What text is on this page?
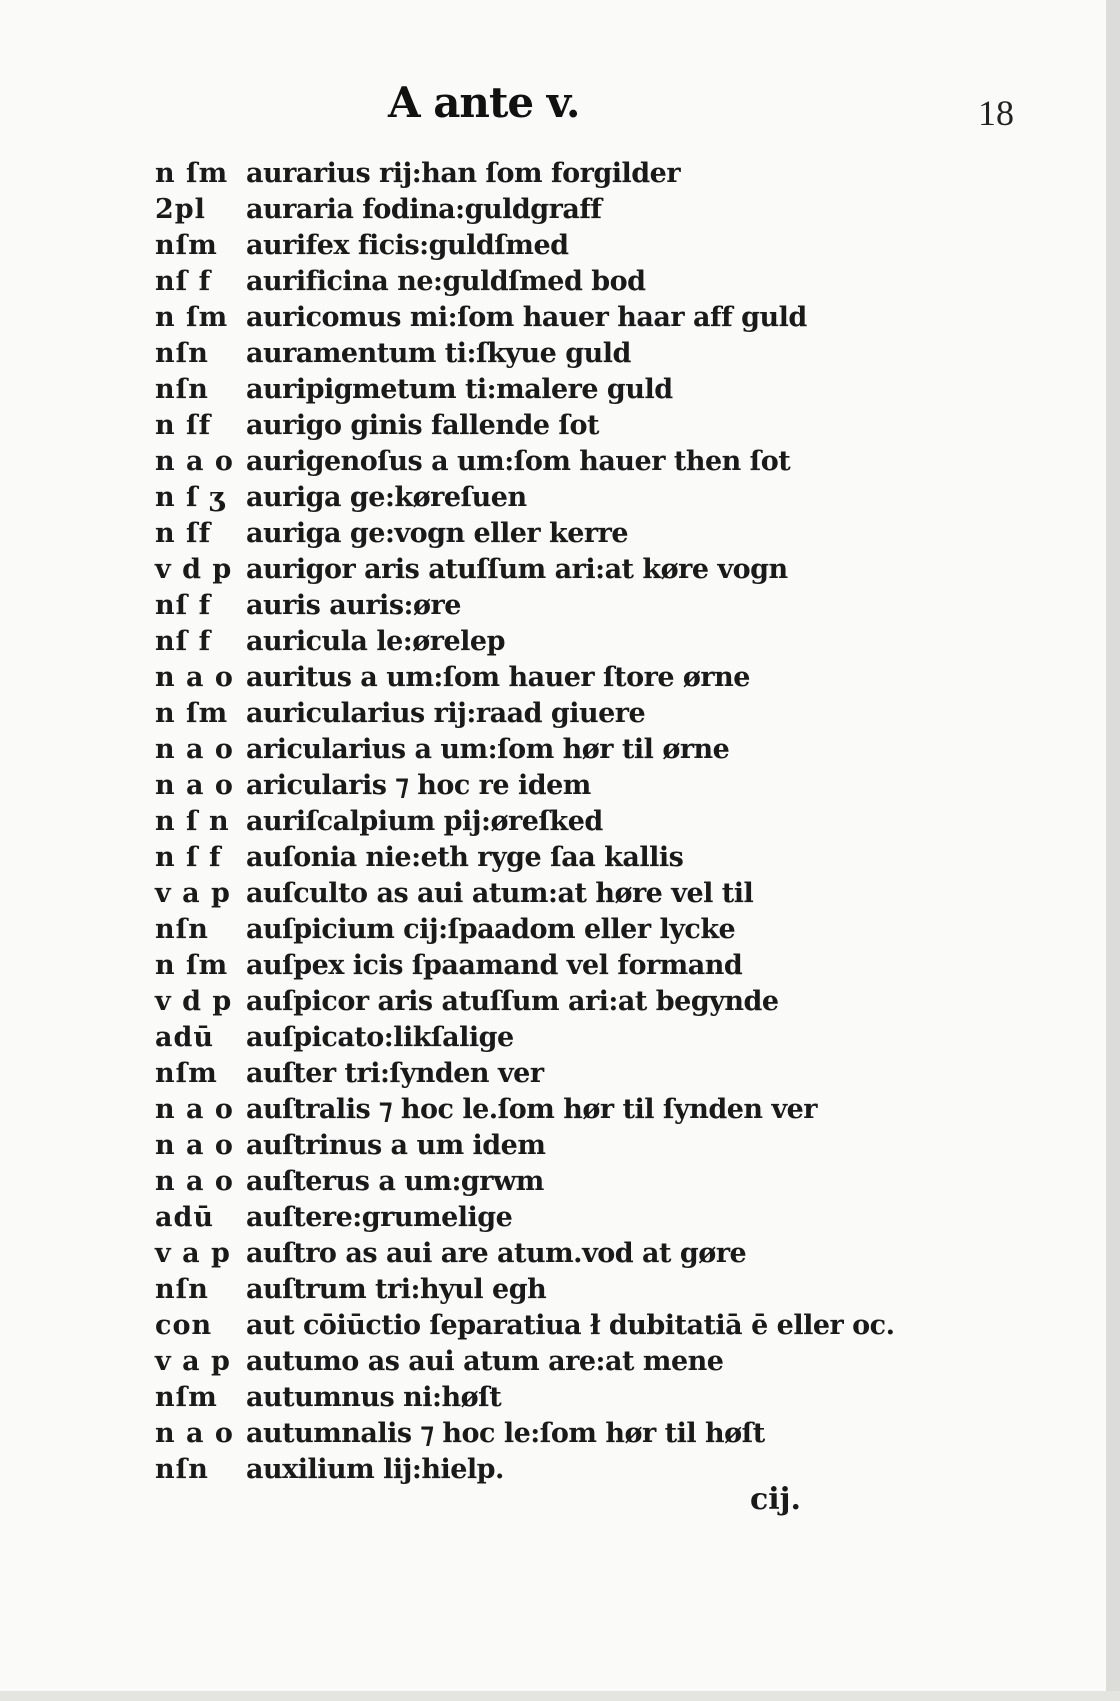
A ante v.	18
n ſm aurarius rij:han ſom forgilder
2pl auraria fodina:guldgraff
nſm aurifex ficis:guldſmed
nſ f aurificina ne:guldſmed bod
n ſm auricomus mi:ſom hauer haar aff guld
nſn auramentum ti:ſkyue guld
nſn auripigmetum ti:malere guld
n ſf aurigo ginis fallende ſot
n a o aurigenoſus a um:ſom hauer then ſot
n ſ ʒ auriga ge:køreſuen
n ſf auriga ge:vogn eller kerre
v d p aurigor aris atuſſum ari:at køre vogn
nſ f auris auris:øre
nſ f auricula le:ørelep
n a o auritus a um:ſom hauer ſtore ørne
n ſm auricularius rij:raad giuere
n a o aricularius a um:ſom hør til ørne
n a o aricularis ⁊ hoc re idem
n ſ n auriſcalpium pij:øreſked
n ſ f auſonia nie:eth ryge ſaa kallis
v a p auſculto as aui atum:at høre vel til
nſn auſpicium cij:ſpaadom eller lycke
n ſm auſpex icis ſpaamand vel formand
v d p auſpicor aris atuſſum ari:at begynde
adū auſpicato:likſalige
nſm auſter tri:ſynden ver
n a o auſtralis ⁊ hoc le.ſom hør til ſynden ver
n a o auſtrinus a um idem
n a o auſterus a um:grwm
adū auſtere:grumelige
v a p auſtro as aui are atum.vod at gøre
nſn auſtrum tri:hyul egh
con aut cōiūctio ſeparatiua ł dubitatiā ē eller oc.
v a p autumo as aui atum are:at mene
nſm autumnus ni:høſt
n a o autumnalis ⁊ hoc le:ſom hør til høſt
nſn auxilium lij:hielp.
cij.
